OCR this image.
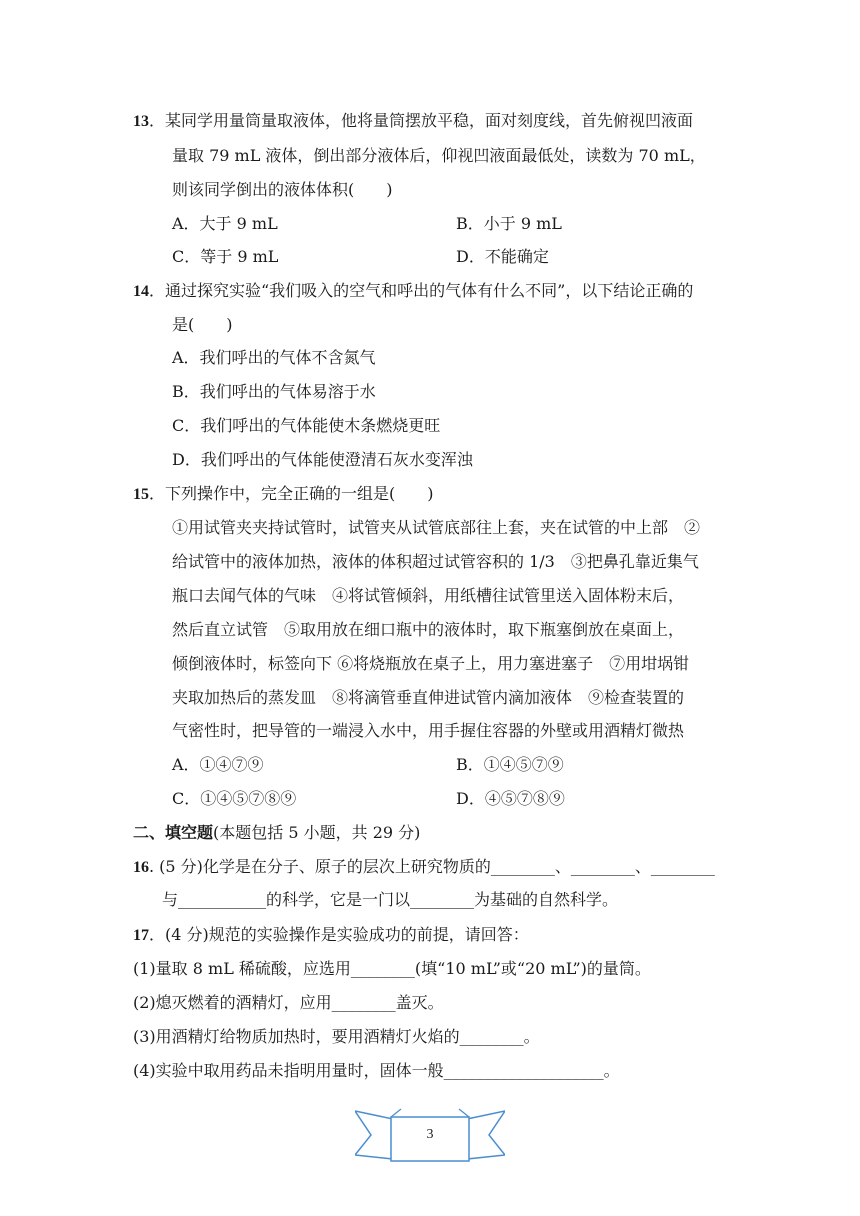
13．某同学用量筒量取液体，他将量筒摆放平稳，面对刻度线，首先俯视凹液面
量取 79 mL 液体，倒出部分液体后，仰视凹液面最低处，读数为 70 mL，
则该同学倒出的液体体积(　　)
A．大于 9 mL	B．小于 9 mL
C．等于 9 mL	D．不能确定
14．通过探究实验“我们吸入的空气和呼出的气体有什么不同”，以下结论正确的
是(　　)
A．我们呼出的气体不含氮气
B．我们呼出的气体易溶于水
C．我们呼出的气体能使木条燃烧更旺
D．我们呼出的气体能使澄清石灰水变浑浊
15．下列操作中，完全正确的一组是(　　)
①用试管夹夹持试管时，试管夹从试管底部往上套，夹在试管的中上部　②
给试管中的液体加热，液体的体积超过试管容积的 1/3　③把鼻孔靠近集气
瓶口去闻气体的气味　④将试管倾斜，用纸槽往试管里送入固体粉末后，
然后直立试管　⑤取用放在细口瓶中的液体时，取下瓶塞倒放在桌面上，
倾倒液体时，标签向下 ⑥将烧瓶放在桌子上，用力塞进塞子　⑦用坩埚钳
夹取加热后的蒸发皿　⑧将滴管垂直伸进试管内滴加液体　⑨检查装置的
气密性时，把导管的一端浸入水中，用手握住容器的外壁或用酒精灯微热
A．①④⑦⑨	B．①④⑤⑦⑨
C．①④⑤⑦⑧⑨	D．④⑤⑦⑧⑨
二、填空题(本题包括 5 小题，共 29 分)
16. (5 分)化学是在分子、原子的层次上研究物质的________、________、________
与___________的科学，它是一门以________为基础的自然科学。
17．(4 分)规范的实验操作是实验成功的前提，请回答：
(1)量取 8 mL 稀硫酸，应选用________(填“10 mL”或“20 mL”)的量筒。
(2)熄灭燃着的酒精灯，应用________盖灭。
(3)用酒精灯给物质加热时，要用酒精灯火焰的________。
(4)实验中取用药品未指明用量时，固体一般____________________。
3
